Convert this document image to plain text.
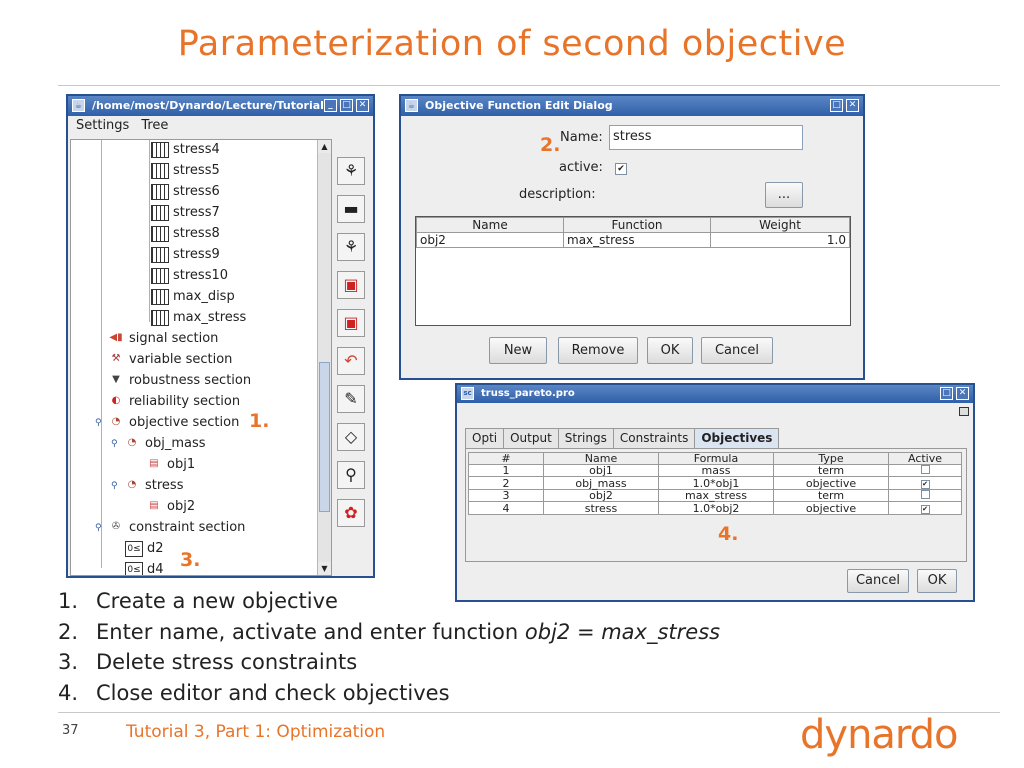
Parameterization of second objective
☕ /home/most/Dynardo/Lecture/Tutorial _	□ ✕
Settings Tree
stress4
stress5
stress6
stress7
stress8
stress9
stress10
max_disp
max_stress
◀▮ signal section
⚒ variable section
▼ robustness section
◐ reliability section
⚲	◔ objective section
⚲	◔ obj_mass
▤ obj1
⚲	◔ stress
▤ obj2
⚲	✇ constraint section
0≤ d2
0≤ d4
▲
▼
⚘
▬
⚘
▣
▣
↶
✎
◇
⚲
✿
1.
3.
☕ Objective Function Edit Dialog	□ ✕
Name: stress
active: ✔
description:	...
Name	Function	Weight
obj2	max_stress	1.0
New	Remove	OK	Cancel
2.
sc truss_pareto.pro	□ ✕
Opti	Output	Strings	Constraints	Objectives
#	Name	Formula	Type	Active
1	obj1	mass	term	
2	obj_mass	1.0*obj1	objective	✔
3	obj2	max_stress	term	
4	stress	1.0*obj2	objective	✔
4.
Cancel	OK
1. Create a new objective
2. Enter name, activate and enter function obj2 = max_stress
3. Delete stress constraints
4. Close editor and check objectives
37	Tutorial 3, Part 1: Optimization	dynardo
